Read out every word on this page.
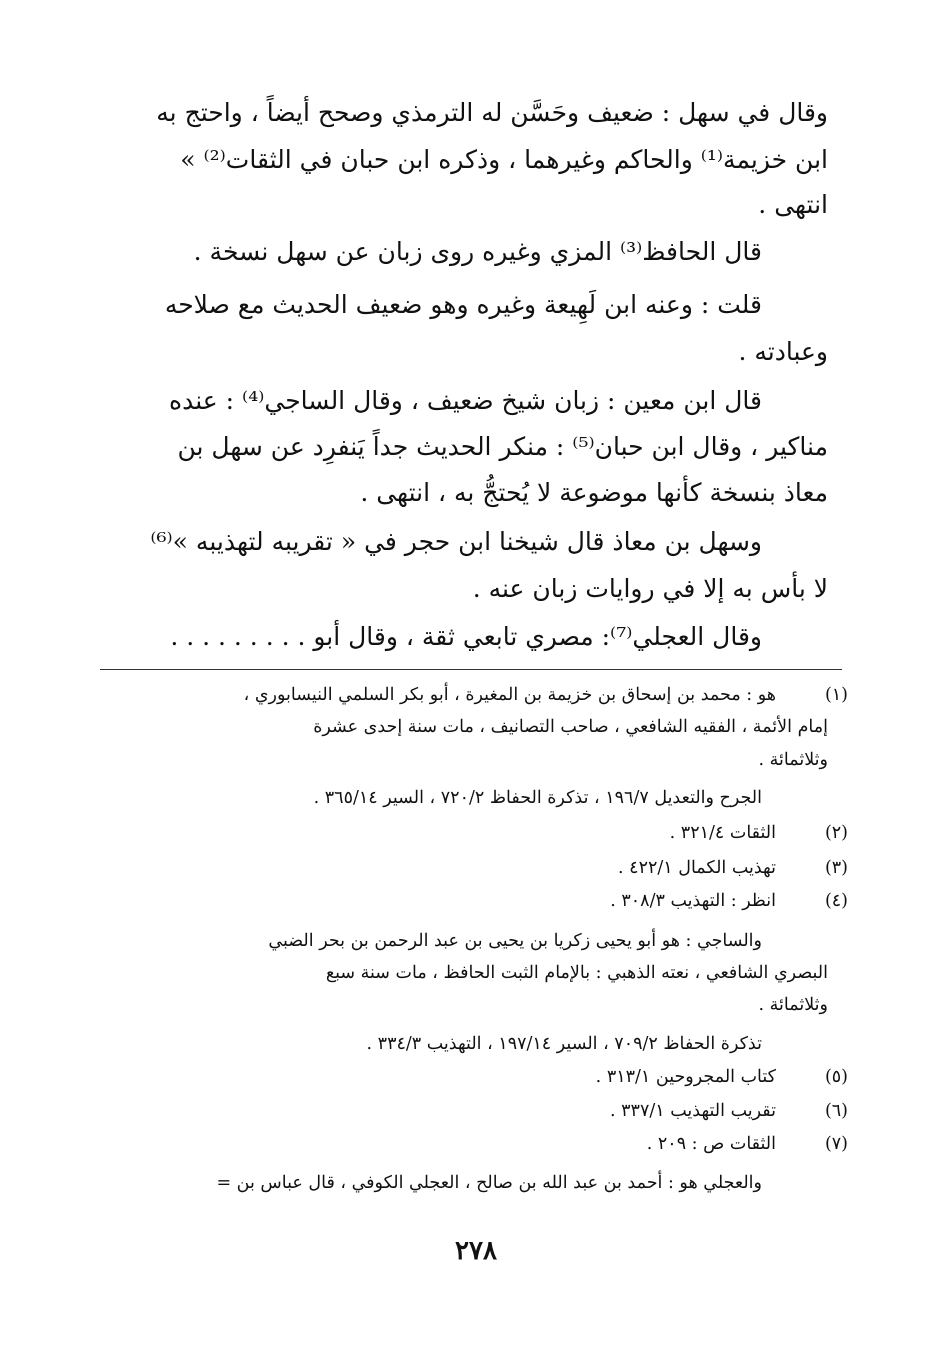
وقال في سهل : ضعيف وحَسَّن له الترمذي وصحح أيضاً ، واحتج به
ابن خزيمة⁽¹⁾ والحاكم وغيرهما ، وذكره ابن حبان في الثقات⁽²⁾ »
انتهى .
قال الحافظ⁽³⁾ المزي وغيره روى زبان عن سهل نسخة .
قلت : وعنه ابن لَهِيعة وغيره وهو ضعيف الحديث مع صلاحه
وعبادته .
قال ابن معين : زبان شيخ ضعيف ، وقال الساجي⁽⁴⁾ : عنده
مناكير ، وقال ابن حبان⁽⁵⁾ : منكر الحديث جداً يَنفرِد عن سهل بن
معاذ بنسخة كأنها موضوعة لا يُحتجُّ به ، انتهى .
وسهل بن معاذ قال شيخنا ابن حجر في « تقريبه لتهذيبه »⁽⁶⁾
لا بأس به إلا في روايات زبان عنه .
وقال العجلي⁽⁷⁾: مصري تابعي ثقة ، وقال أبو . . . . . . . . .
(١)
هو : محمد بن إسحاق بن خزيمة بن المغيرة ، أبو بكر السلمي النيسابوري ،
إمام الأئمة ، الفقيه الشافعي ، صاحب التصانيف ، مات سنة إحدى عشرة
وثلاثمائة .
الجرح والتعديل ١٩٦/٧ ، تذكرة الحفاظ ٧٢٠/٢ ، السير ٣٦٥/١٤ .
(٢)
الثقات ٣٢١/٤ .
(٣)
تهذيب الكمال ٤٢٢/١ .
(٤)
انظر : التهذيب ٣٠٨/٣ .
والساجي : هو أبو يحيى زكريا بن يحيى بن عبد الرحمن بن بحر الضبي
البصري الشافعي ، نعته الذهبي : بالإمام الثبت الحافظ ، مات سنة سبع
وثلاثمائة .
تذكرة الحفاظ ٧٠٩/٢ ، السير ١٩٧/١٤ ، التهذيب ٣٣٤/٣ .
(٥)
كتاب المجروحين ٣١٣/١ .
(٦)
تقريب التهذيب ٣٣٧/١ .
(٧)
الثقات ص : ٢٠٩ .
والعجلي هو : أحمد بن عبد الله بن صالح ، العجلي الكوفي ، قال عباس بن =
٢٧٨
